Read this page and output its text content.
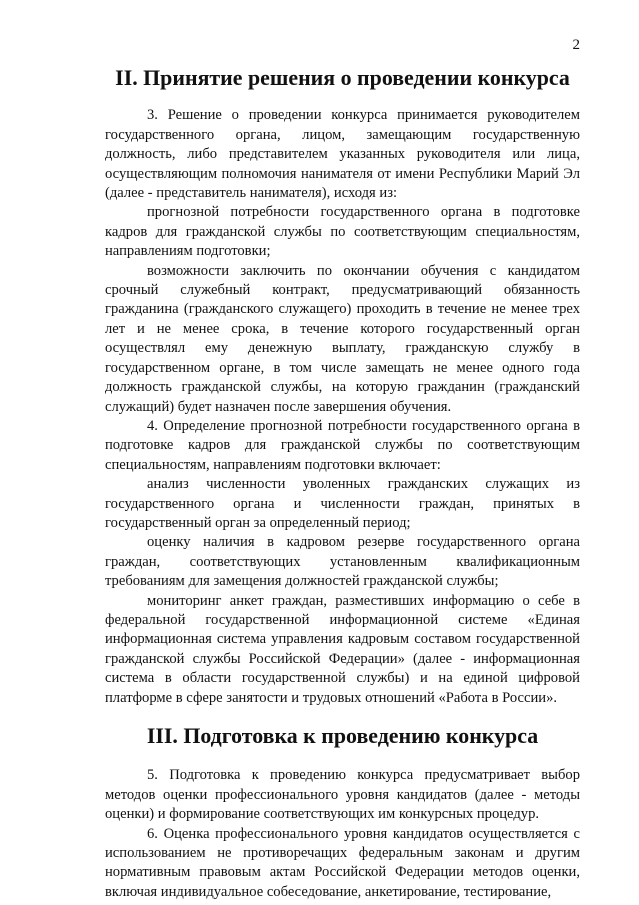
2
II. Принятие решения о проведении конкурса

3. Решение о проведении конкурса принимается руководителем государственного органа, лицом, замещающим государственную должность, либо представителем указанных руководителя или лица, осуществляющим полномочия нанимателя от имени Республики Марий Эл (далее - представитель нанимателя), исходя из:

прогнозной потребности государственного органа в подготовке кадров для гражданской службы по соответствующим специальностям, направлениям подготовки;

возможности заключить по окончании обучения с кандидатом срочный служебный контракт, предусматривающий обязанность гражданина (гражданского служащего) проходить в течение не менее трех лет и не менее срока, в течение которого государственный орган осуществлял ему денежную выплату, гражданскую службу в государственном органе, в том числе замещать не менее одного года должность гражданской службы, на которую гражданин (гражданский служащий) будет назначен после завершения обучения.

4. Определение прогнозной потребности государственного органа в подготовке кадров для гражданской службы по соответствующим специальностям, направлениям подготовки включает:

анализ численности уволенных гражданских служащих из государственного органа и численности граждан, принятых в государственный орган за определенный период;

оценку наличия в кадровом резерве государственного органа граждан, соответствующих установленным квалификационным требованиям для замещения должностей гражданской службы;

мониторинг анкет граждан, разместивших информацию о себе в федеральной государственной информационной системе «Единая информационная система управления кадровым составом государственной гражданской службы Российской Федерации» (далее - информационная система в области государственной службы) и на единой цифровой платформе в сфере занятости и трудовых отношений «Работа в России».

III. Подготовка к проведению конкурса

5. Подготовка к проведению конкурса предусматривает выбор методов оценки профессионального уровня кандидатов (далее - методы оценки) и формирование соответствующих им конкурсных процедур.

6. Оценка профессионального уровня кандидатов осуществляется с использованием не противоречащих федеральным законам и другим нормативным правовым актам Российской Федерации методов оценки, включая индивидуальное собеседование, анкетирование, тестирование,
